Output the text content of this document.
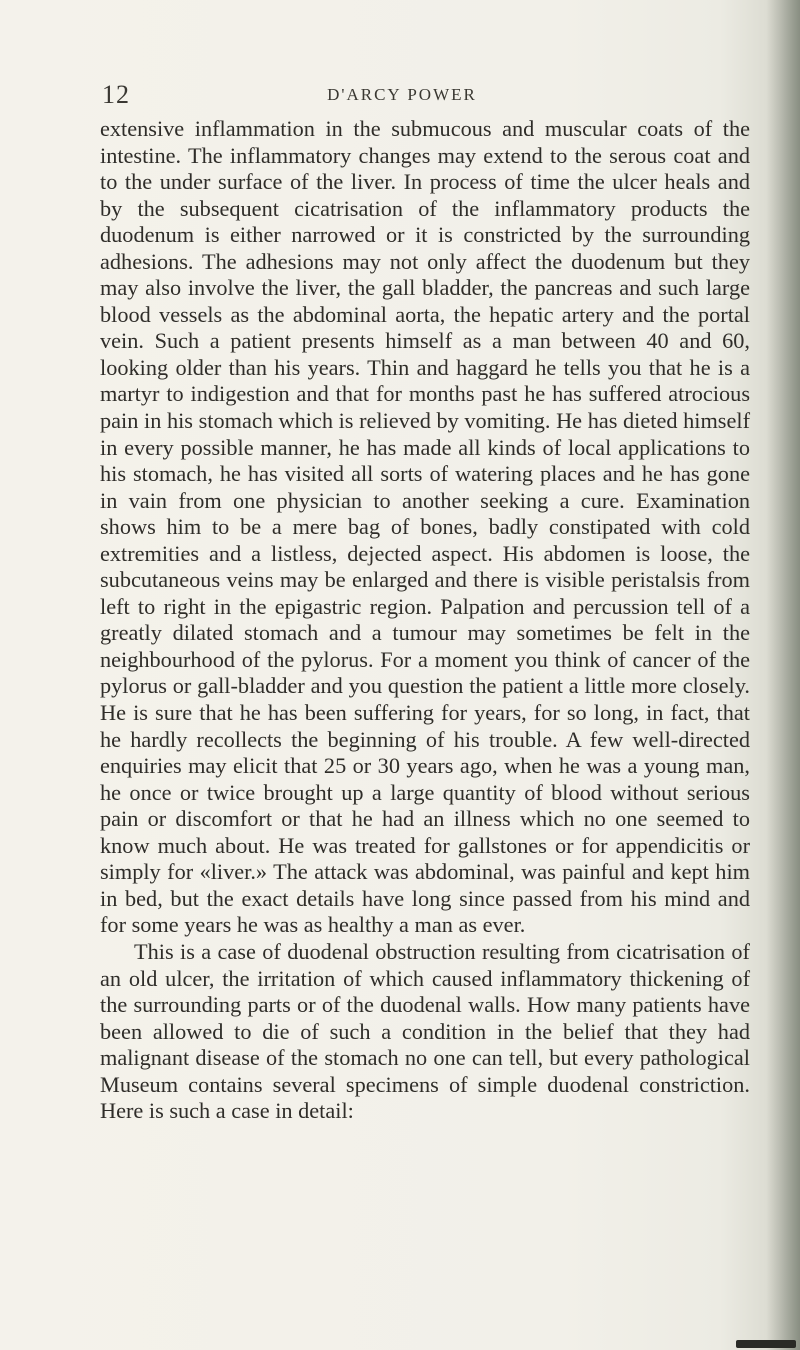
12	D'ARCY POWER

extensive inflammation in the submucous and muscular coats of the intestine. The inflammatory changes may extend to the serous coat and to the under surface of the liver. In process of time the ulcer heals and by the subsequent cicatrisation of the inflammatory products the duodenum is either narrowed or it is constricted by the surrounding adhesions. The adhesions may not only affect the duodenum but they may also involve the liver, the gall bladder, the pancreas and such large blood vessels as the abdominal aorta, the hepatic artery and the portal vein. Such a patient presents himself as a man between 40 and 60, looking older than his years. Thin and haggard he tells you that he is a martyr to indigestion and that for months past he has suffered atrocious pain in his stomach which is relieved by vomiting. He has dieted himself in every possible manner, he has made all kinds of local applications to his stomach, he has visited all sorts of watering places and he has gone in vain from one physician to another seeking a cure. Examination shows him to be a mere bag of bones, badly constipated with cold extremities and a listless, dejected aspect. His abdomen is loose, the subcutaneous veins may be enlarged and there is visible peristalsis from left to right in the epigastric region. Palpation and percussion tell of a greatly dilated stomach and a tumour may sometimes be felt in the neighbourhood of the pylorus. For a moment you think of cancer of the pylorus or gall-bladder and you question the patient a little more closely. He is sure that he has been suffering for years, for so long, in fact, that he hardly recollects the beginning of his trouble. A few well-directed enquiries may elicit that 25 or 30 years ago, when he was a young man, he once or twice brought up a large quantity of blood without serious pain or discomfort or that he had an illness which no one seemed to know much about. He was treated for gallstones or for appendicitis or simply for «liver.» The attack was abdominal, was painful and kept him in bed, but the exact details have long since passed from his mind and for some years he was as healthy a man as ever.

This is a case of duodenal obstruction resulting from cicatrisation of an old ulcer, the irritation of which caused inflammatory thickening of the surrounding parts or of the duodenal walls. How many patients have been allowed to die of such a condition in the belief that they had malignant disease of the stomach no one can tell, but every pathological Museum contains several specimens of simple duodenal constriction. Here is such a case in detail:
